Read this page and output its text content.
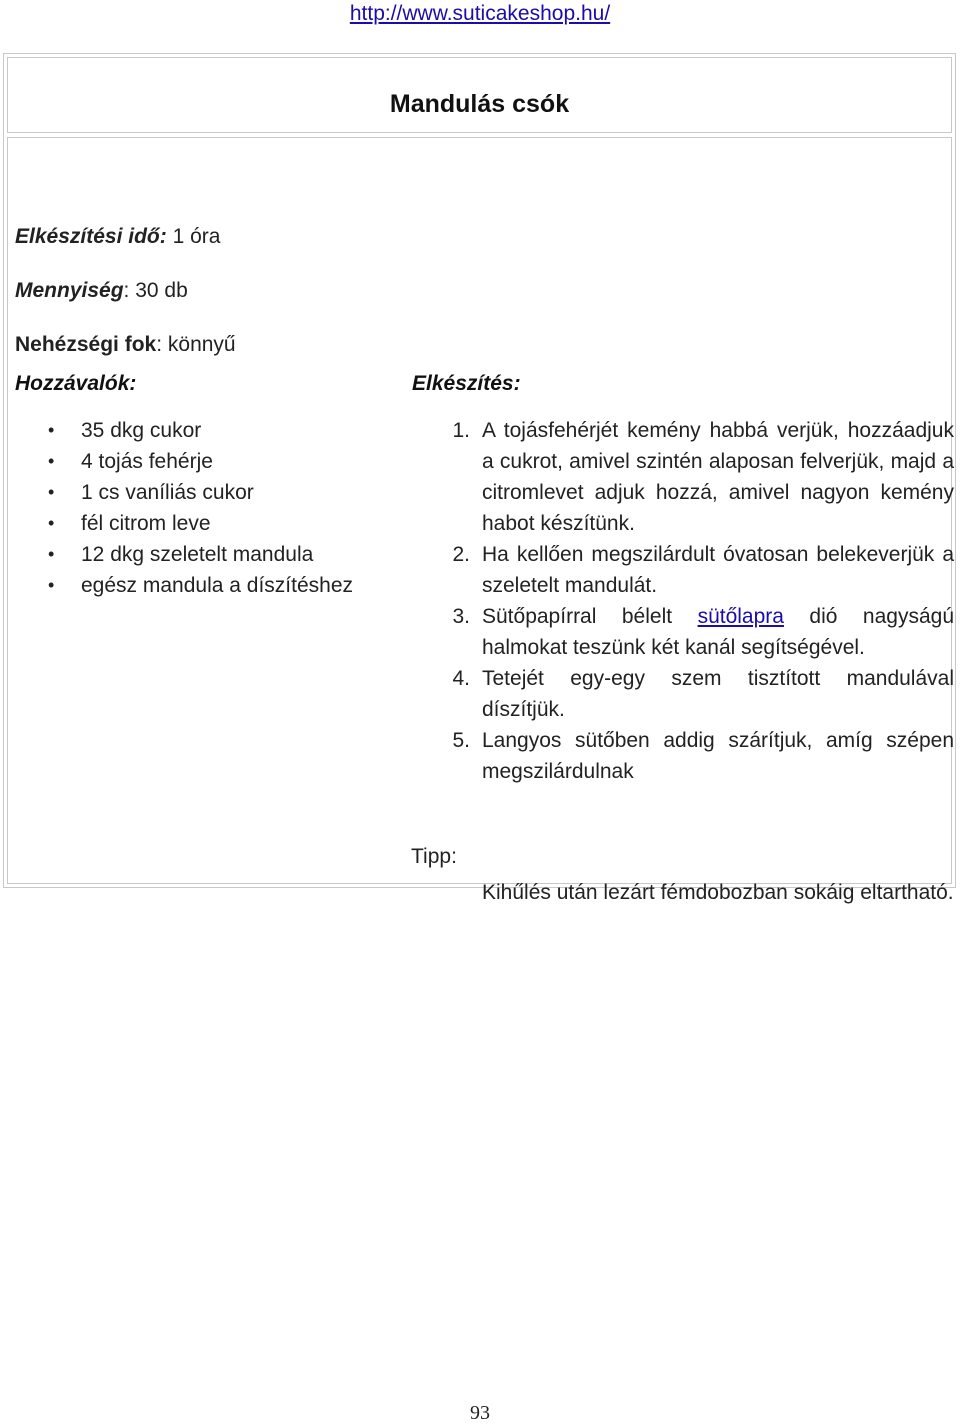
http://www.suticakeshop.hu/
Mandulás csók
Elkészítési idő: 1 óra
Mennyiség: 30 db
Nehézségi fok: könnyű
Hozzávalók:	Elkészítés:
• 35 dkg cukor
• 4 tojás fehérje
• 1 cs vaníliás cukor
• fél citrom leve
• 12 dkg szeletelt mandula
• egész mandula a díszítéshez
1. A tojásfehérjét kemény habbá verjük, hozzáadjuk a cukrot, amivel szintén alaposan felverjük, majd a citromlevet adjuk hozzá, amivel nagyon kemény habot készítünk.
2. Ha kellően megszilárdult óvatosan belekeverjük a szeletelt mandulát.
3. Sütőpapírral bélelt sütőlapra dió nagyságú halmokat teszünk két kanál segítségével.
4. Tetejét egy-egy szem tisztított mandulával díszítjük.
5. Langyos sütőben addig szárítjuk, amíg szépen megszilárdulnak
Tipp:
Kihűlés után lezárt fémdobozban sokáig eltartható.
93
